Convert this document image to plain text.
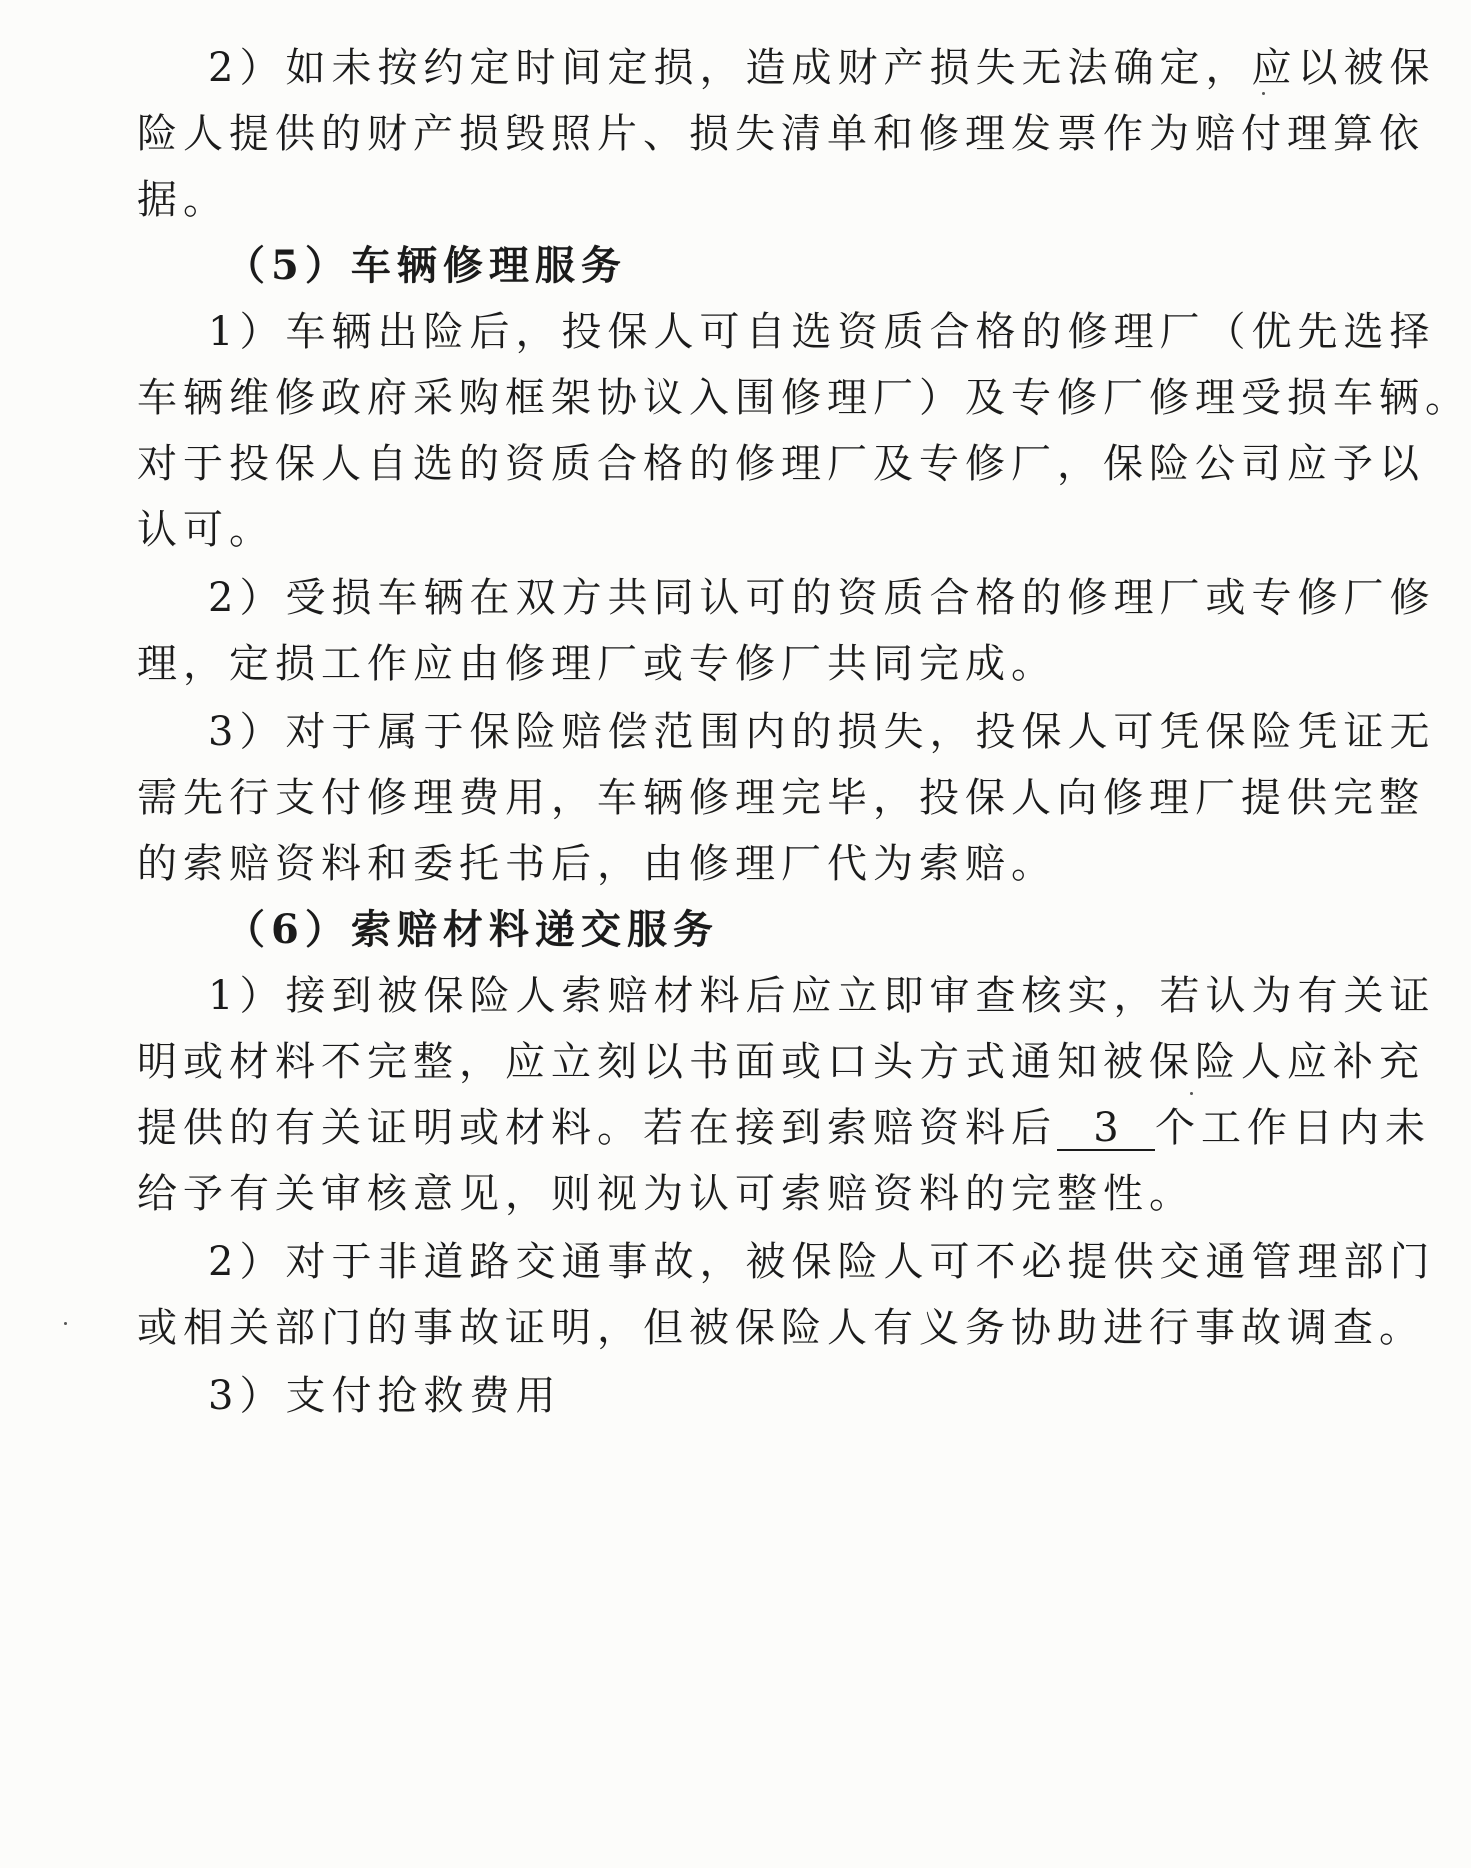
2）如未按约定时间定损，造成财产损失无法确定，应以被保
险人提供的财产损毁照片、损失清单和修理发票作为赔付理算依
据。
（5）车辆修理服务
1）车辆出险后，投保人可自选资质合格的修理厂（优先选择
车辆维修政府采购框架协议入围修理厂）及专修厂修理受损车辆。
对于投保人自选的资质合格的修理厂及专修厂，保险公司应予以
认可。
2）受损车辆在双方共同认可的资质合格的修理厂或专修厂修
理，定损工作应由修理厂或专修厂共同完成。
3）对于属于保险赔偿范围内的损失，投保人可凭保险凭证无
需先行支付修理费用，车辆修理完毕，投保人向修理厂提供完整
的索赔资料和委托书后，由修理厂代为索赔。
（6）索赔材料递交服务
1）接到被保险人索赔材料后应立即审查核实，若认为有关证
明或材料不完整，应立刻以书面或口头方式通知被保险人应补充
提供的有关证明或材料。若在接到索赔资料后 3 个工作日内未
给予有关审核意见，则视为认可索赔资料的完整性。
2）对于非道路交通事故，被保险人可不必提供交通管理部门
或相关部门的事故证明，但被保险人有义务协助进行事故调查。
3）支付抢救费用
